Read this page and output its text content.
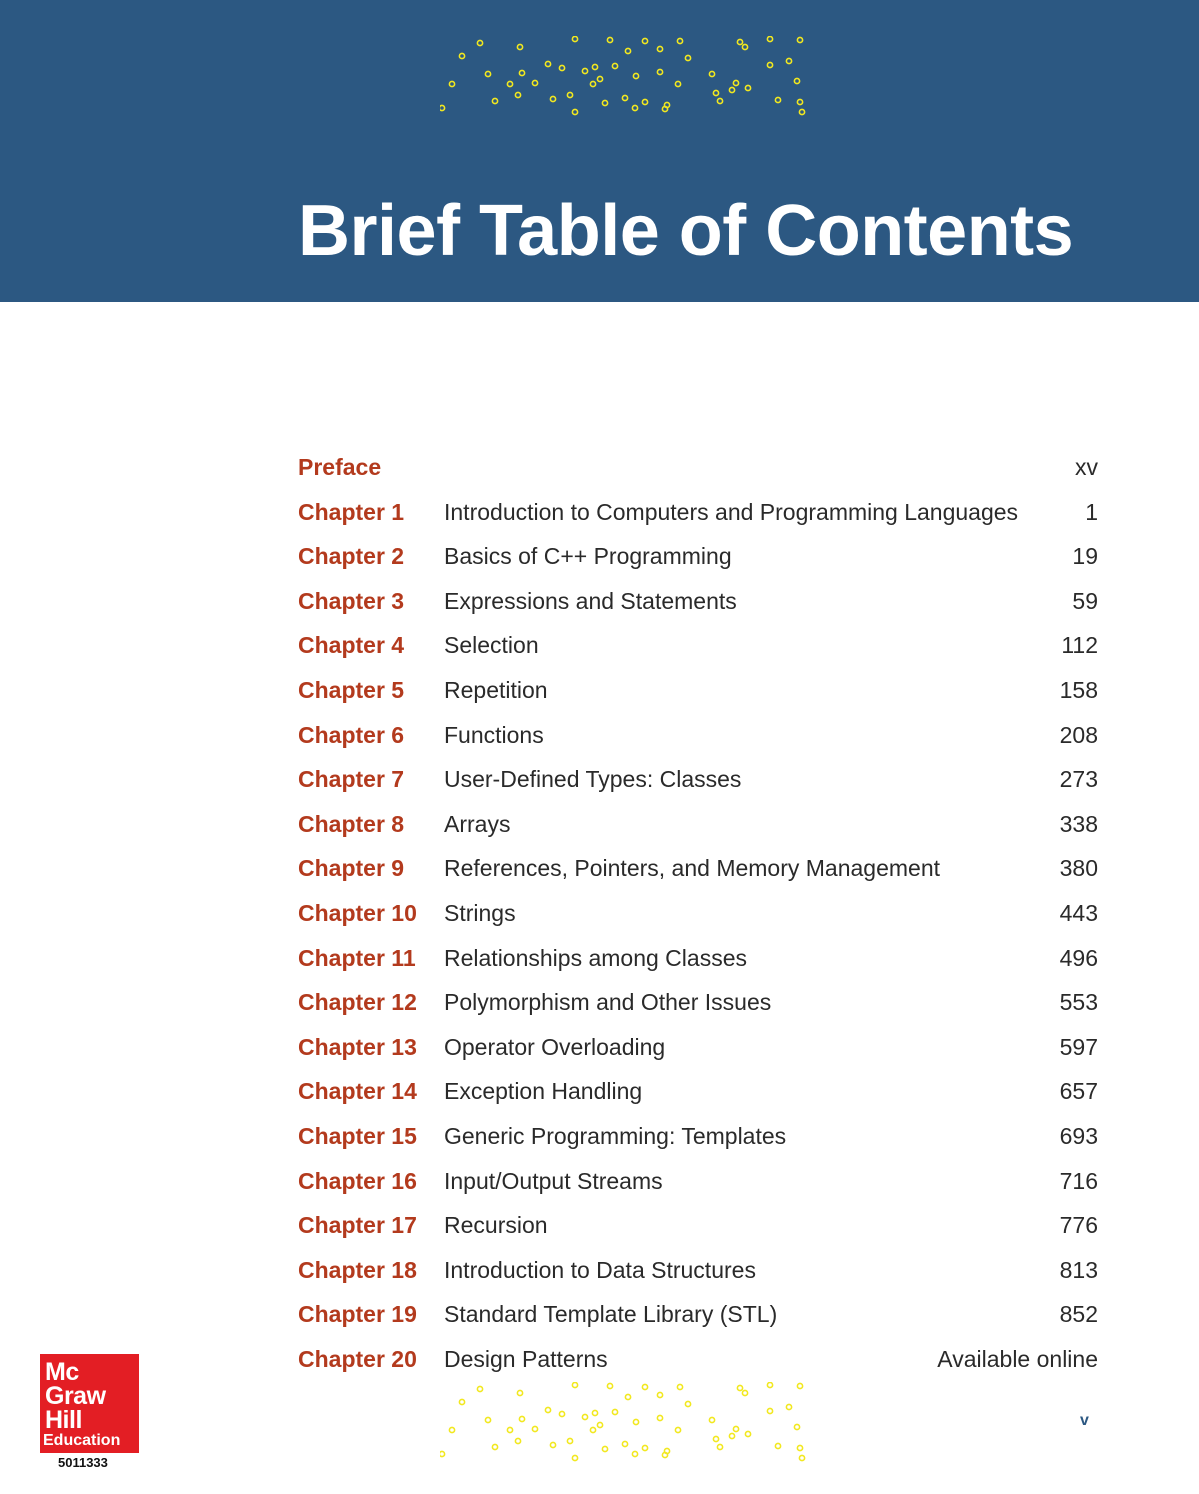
Brief Table of Contents
Preface	xv
Chapter 1 Introduction to Computers and Programming Languages	1
Chapter 2 Basics of C++ Programming	19
Chapter 3 Expressions and Statements	59
Chapter 4 Selection	112
Chapter 5 Repetition	158
Chapter 6 Functions	208
Chapter 7 User-Defined Types: Classes	273
Chapter 8 Arrays	338
Chapter 9 References, Pointers, and Memory Management	380
Chapter 10 Strings	443
Chapter 11 Relationships among Classes	496
Chapter 12 Polymorphism and Other Issues	553
Chapter 13 Operator Overloading	597
Chapter 14 Exception Handling	657
Chapter 15 Generic Programming: Templates	693
Chapter 16 Input/Output Streams	716
Chapter 17 Recursion	776
Chapter 18 Introduction to Data Structures	813
Chapter 19 Standard Template Library (STL)	852
Chapter 20 Design Patterns	Available online
Mc
Graw
Hill
Education
5011333
v
